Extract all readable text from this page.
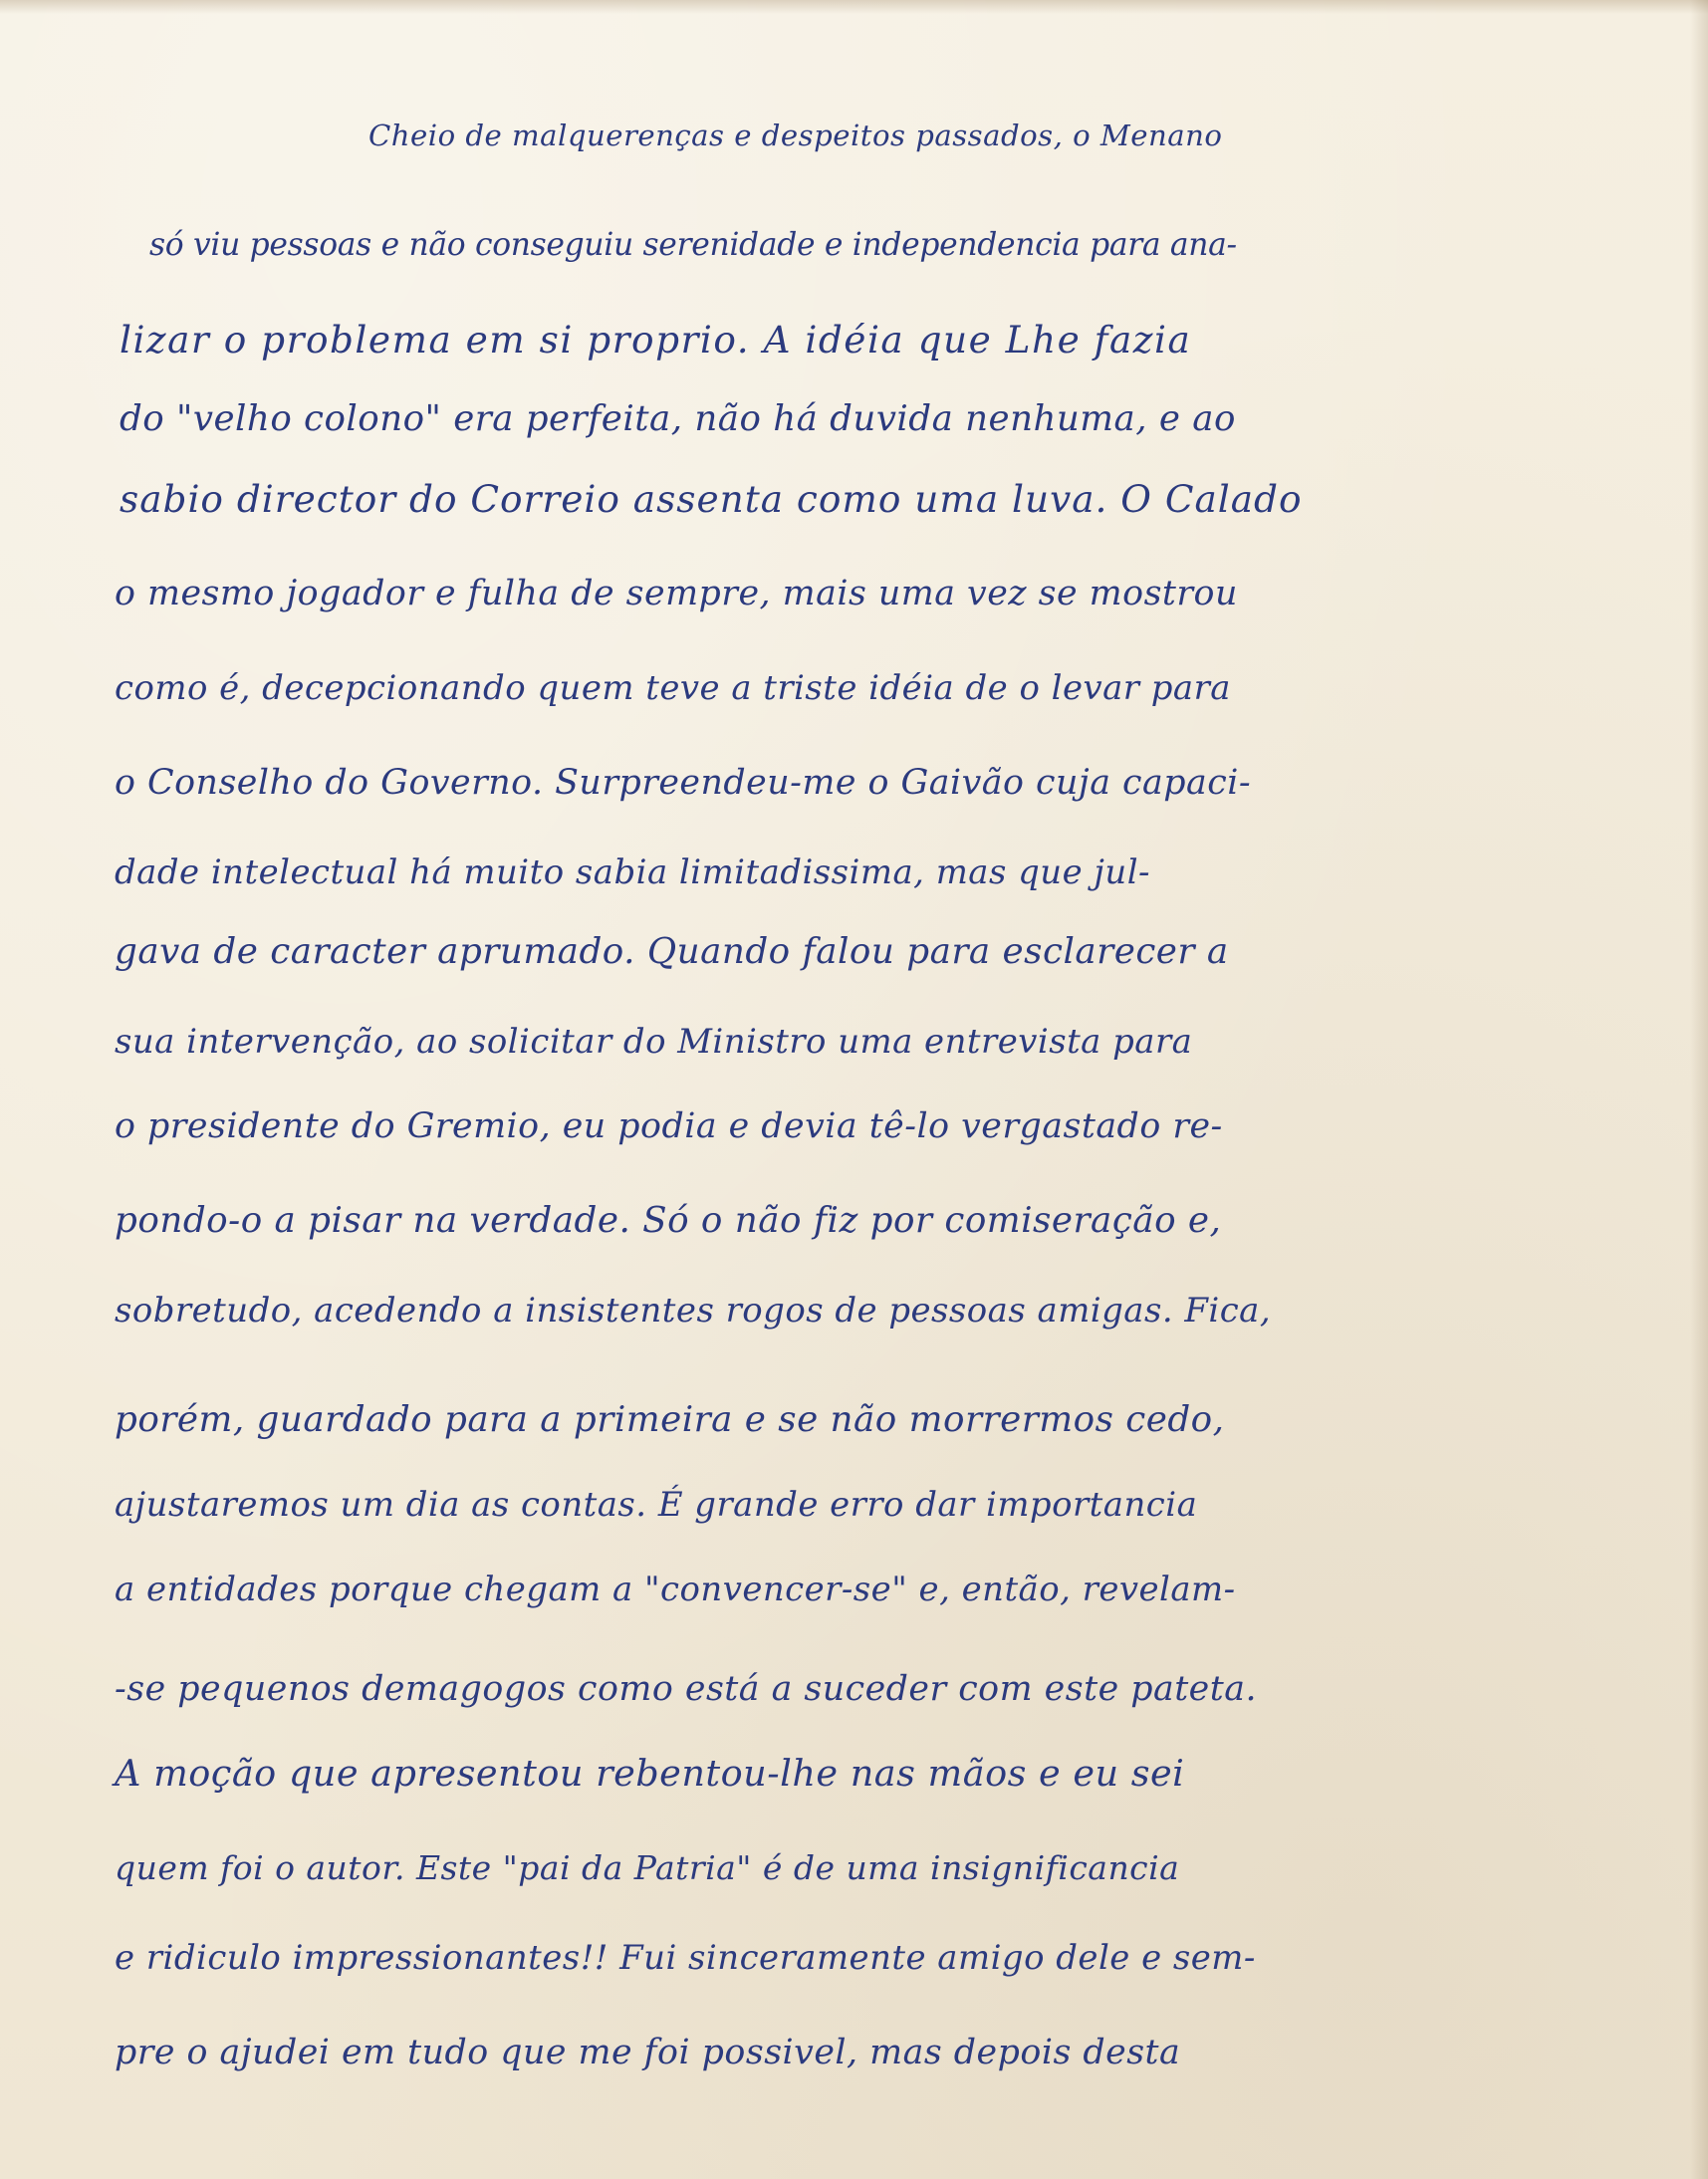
Cheio de malquerenças e despeitos passados, o Menano
só viu pessoas e não conseguiu serenidade e independencia para ana-
lizar o problema em si proprio. A idéia que Lhe fazia
do "velho colono" era perfeita, não há duvida nenhuma, e ao
sabio director do Correio assenta como uma luva. O Calado
o mesmo jogador e fulha de sempre, mais uma vez se mostrou
como é, decepcionando quem teve a triste idéia de o levar para
o Conselho do Governo. Surpreendeu-me o Gaivão cuja capaci-
dade intelectual há muito sabia limitadissima, mas que jul-
gava de caracter aprumado. Quando falou para esclarecer a
sua intervenção, ao solicitar do Ministro uma entrevista para
o presidente do Gremio, eu podia e devia tê-lo vergastado re-
pondo-o a pisar na verdade. Só o não fiz por comiseração e,
sobretudo, acedendo a insistentes rogos de pessoas amigas. Fica,
porém, guardado para a primeira e se não morrermos cedo,
ajustaremos um dia as contas. É grande erro dar importancia
a entidades porque chegam a "convencer-se" e, então, revelam-
-se pequenos demagogos como está a suceder com este pateta.
A moção que apresentou rebentou-lhe nas mãos e eu sei
quem foi o autor. Este "pai da Patria" é de uma insignificancia
e ridiculo impressionantes!! Fui sinceramente amigo dele e sem-
pre o ajudei em tudo que me foi possivel, mas depois desta
